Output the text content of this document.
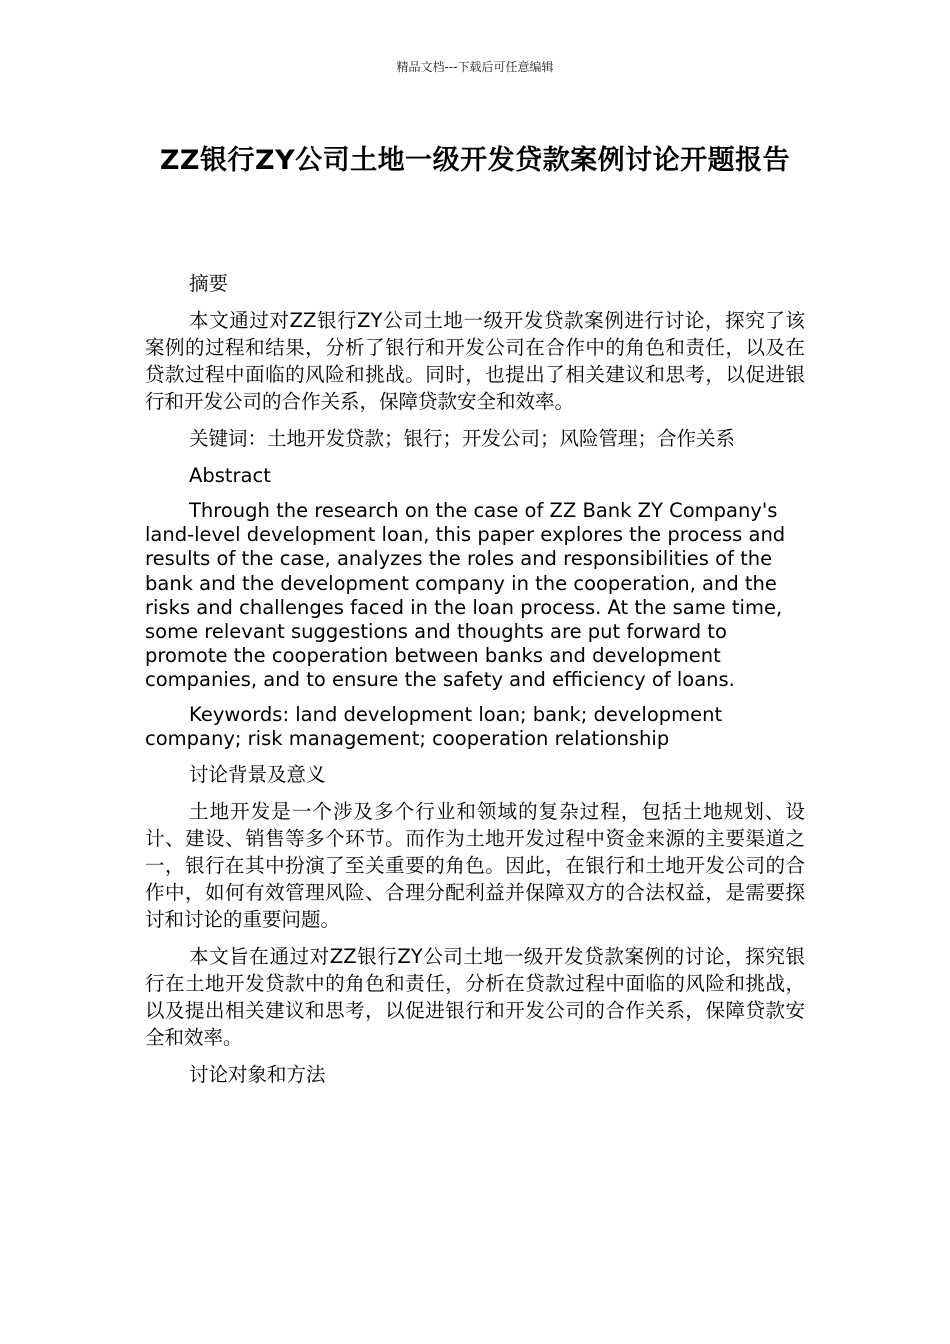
精品文档---下载后可任意编辑
ZZ银行ZY公司土地一级开发贷款案例讨论开题报告

摘要

本文通过对ZZ银行ZY公司土地一级开发贷款案例进行讨论，探究了该案例的过程和结果，分析了银行和开发公司在合作中的角色和责任，以及在贷款过程中面临的风险和挑战。同时，也提出了相关建议和思考，以促进银行和开发公司的合作关系，保障贷款安全和效率。

关键词：土地开发贷款；银行；开发公司；风险管理；合作关系

Abstract

Through the research on the case of ZZ Bank ZY Company's land-level development loan, this paper explores the process and results of the case, analyzes the roles and responsibilities of the bank and the development company in the cooperation, and the risks and challenges faced in the loan process. At the same time, some relevant suggestions and thoughts are put forward to promote the cooperation between banks and development companies, and to ensure the safety and efficiency of loans.

Keywords: land development loan; bank; development company; risk management; cooperation relationship

讨论背景及意义

土地开发是一个涉及多个行业和领域的复杂过程，包括土地规划、设计、建设、销售等多个环节。而作为土地开发过程中资金来源的主要渠道之一，银行在其中扮演了至关重要的角色。因此，在银行和土地开发公司的合作中，如何有效管理风险、合理分配利益并保障双方的合法权益，是需要探讨和讨论的重要问题。

本文旨在通过对ZZ银行ZY公司土地一级开发贷款案例的讨论，探究银行在土地开发贷款中的角色和责任，分析在贷款过程中面临的风险和挑战，以及提出相关建议和思考，以促进银行和开发公司的合作关系，保障贷款安全和效率。

讨论对象和方法
